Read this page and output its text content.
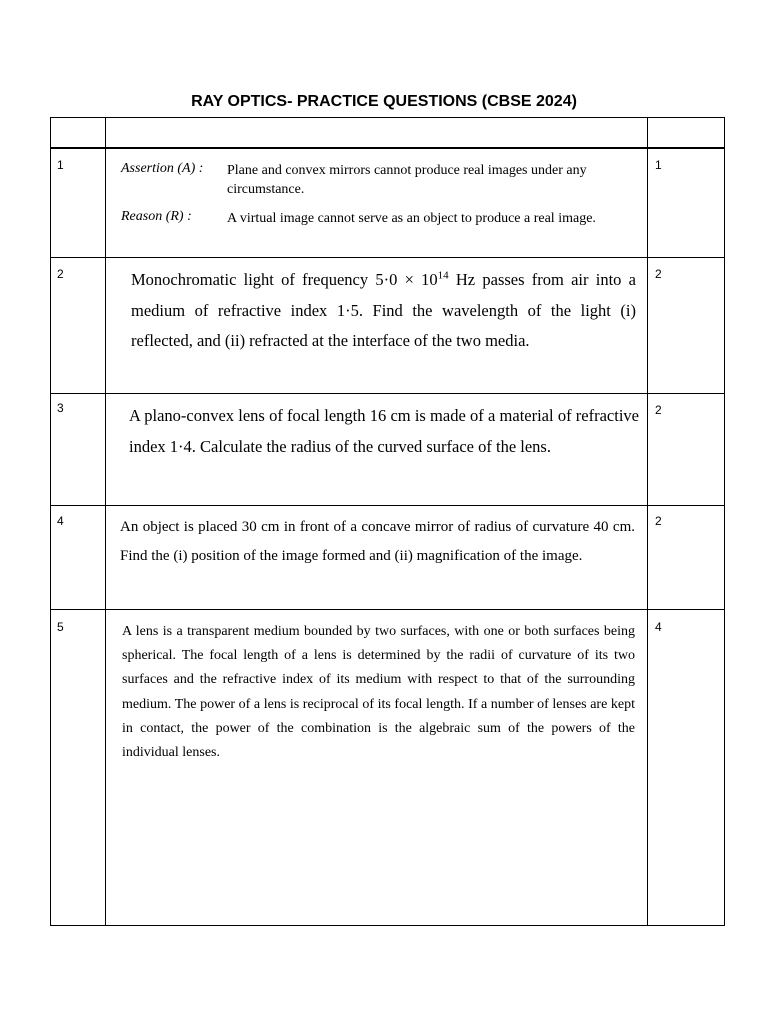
RAY OPTICS- PRACTICE QUESTIONS (CBSE 2024)
1	Assertion (A) : Plane and convex mirrors cannot produce real images under any circumstance.
Reason (R) :	A virtual image cannot serve as an object to produce a real image.
1
2	Monochromatic light of frequency $5\cdot 0 \times 10^{14}$ Hz passes from air into a medium of refractive index 1·5. Find the wavelength of the light (i) reflected, and (ii) refracted at the interface of the two media.
2
3	A plano-convex lens of focal length 16 cm is made of a material of refractive index 1·4. Calculate the radius of the curved surface of the lens.
2
4	An object is placed 30 cm in front of a concave mirror of radius of curvature 40 cm. Find the (i) position of the image formed and (ii) magnification of the image.
2
5	A lens is a transparent medium bounded by two surfaces, with one or both surfaces being spherical. The focal length of a lens is determined by the radii of curvature of its two surfaces and the refractive index of its medium with respect to that of the surrounding medium. The power of a lens is reciprocal of its focal length. If a number of lenses are kept in contact, the power of the combination is the algebraic sum of the powers of the individual lenses.
4
